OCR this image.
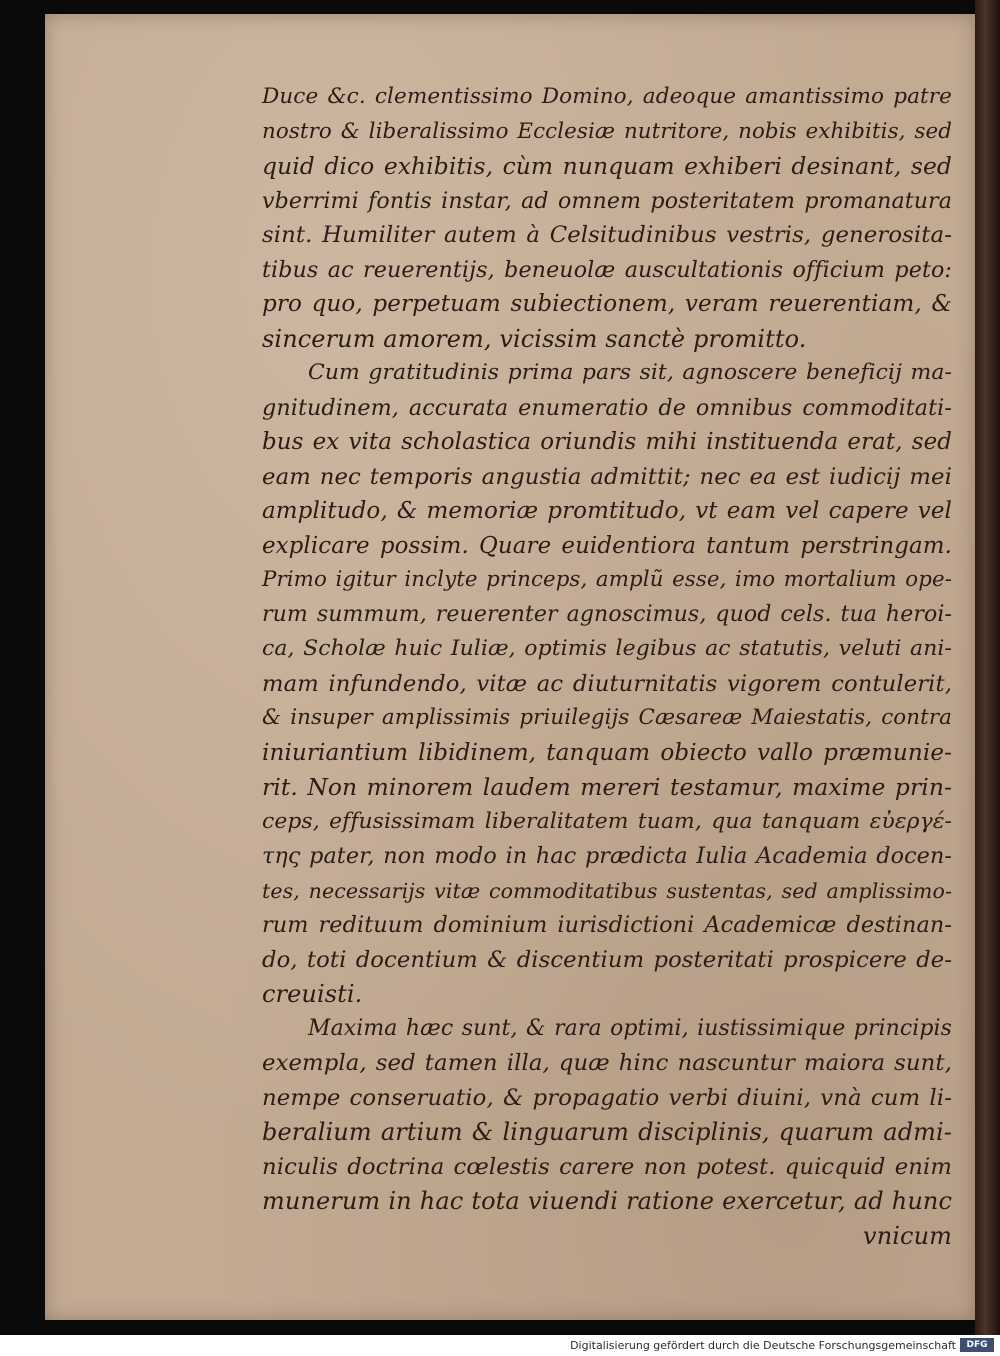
Duce &c. clementissimo Domino, adeoque amantissimo patre
nostro & liberalissimo Ecclesiæ nutritore, nobis exhibitis, sed
quid dico exhibitis, cùm nunquam exhiberi desinant, sed
vberrimi fontis instar, ad omnem posteritatem promanatura
sint. Humiliter autem à Celsitudinibus vestris, generosita-
tibus ac reuerentijs, beneuolæ auscultationis officium peto:
pro quo, perpetuam subiectionem, veram reuerentiam, &
sincerum amorem, vicissim sanctè promitto.
Cum gratitudinis prima pars sit, agnoscere beneficij ma-
gnitudinem, accurata enumeratio de omnibus commoditati-
bus ex vita scholastica oriundis mihi instituenda erat, sed
eam nec temporis angustia admittit; nec ea est iudicij mei
amplitudo, & memoriæ promtitudo, vt eam vel capere vel
explicare possim. Quare euidentiora tantum perstringam.
Primo igitur inclyte princeps, amplũ esse, imo mortalium ope-
rum summum, reuerenter agnoscimus, quod cels. tua heroi-
ca, Scholæ huic Iuliæ, optimis legibus ac statutis, veluti ani-
mam infundendo, vitæ ac diuturnitatis vigorem contulerit,
& insuper amplissimis priuilegijs Cæsareæ Maiestatis, contra
iniuriantium libidinem, tanquam obiecto vallo præmunie-
rit. Non minorem laudem mereri testamur, maxime prin-
ceps, effusissimam liberalitatem tuam, qua tanquam εὐεργέ-
της pater, non modo in hac prædicta Iulia Academia docen-
tes, necessarijs vitæ commoditatibus sustentas, sed amplissimo-
rum redituum dominium iurisdictioni Academicæ destinan-
do, toti docentium & discentium posteritati prospicere de-
creuisti.
Maxima hæc sunt, & rara optimi, iustissimique principis
exempla, sed tamen illa, quæ hinc nascuntur maiora sunt,
nempe conseruatio, & propagatio verbi diuini, vnà cum li-
beralium artium & linguarum disciplinis, quarum admi-
niculis doctrina cœlestis carere non potest. quicquid enim
munerum in hac tota viuendi ratione exercetur, ad hunc
vnicum
Digitalisierung gefördert durch die Deutsche Forschungsgemeinschaft	DFG
